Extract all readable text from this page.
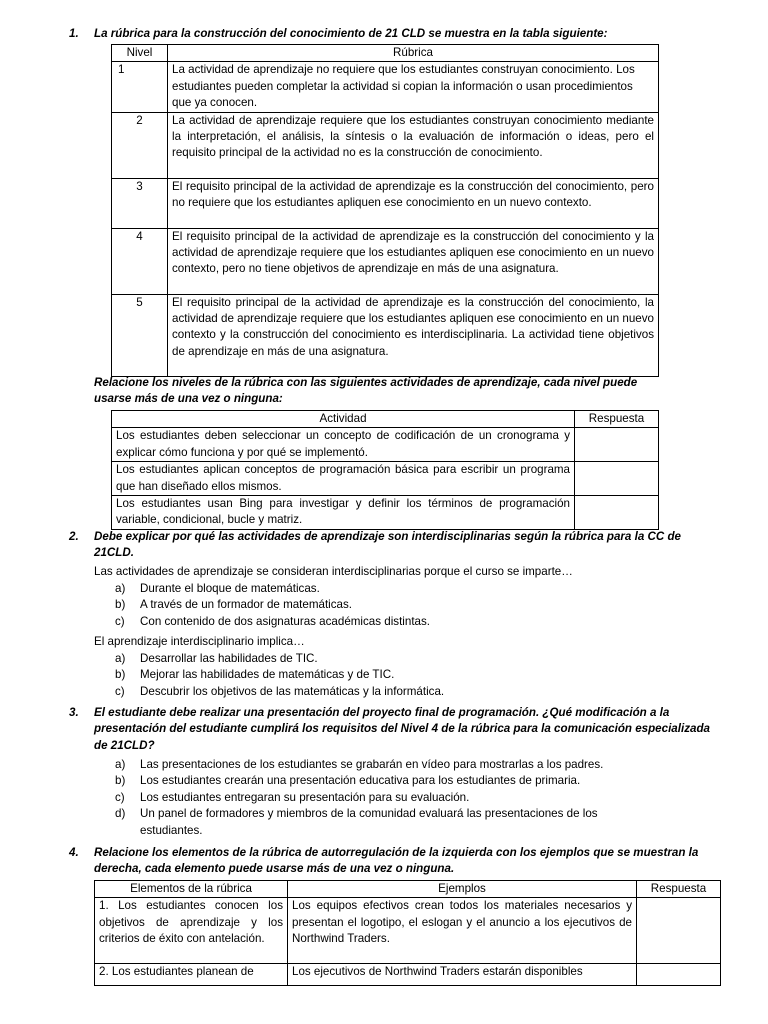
1. La rúbrica para la construcción del conocimiento de 21 CLD se muestra en la tabla siguiente:
Nivel	Rúbrica
1	La actividad de aprendizaje no requiere que los estudiantes construyan conocimiento. Los estudiantes pueden completar la actividad si copian la información o usan procedimientos que ya conocen.
2	La actividad de aprendizaje requiere que los estudiantes construyan conocimiento mediante la interpretación, el análisis, la síntesis o la evaluación de información o ideas, pero el requisito principal de la actividad no es la construcción de conocimiento.
3	El requisito principal de la actividad de aprendizaje es la construcción del conocimiento, pero no requiere que los estudiantes apliquen ese conocimiento en un nuevo contexto.
4	El requisito principal de la actividad de aprendizaje es la construcción del conocimiento y la actividad de aprendizaje requiere que los estudiantes apliquen ese conocimiento en un nuevo contexto, pero no tiene objetivos de aprendizaje en más de una asignatura.
5	El requisito principal de la actividad de aprendizaje es la construcción del conocimiento, la actividad de aprendizaje requiere que los estudiantes apliquen ese conocimiento en un nuevo contexto y la construcción del conocimiento es interdisciplinaria. La actividad tiene objetivos de aprendizaje en más de una asignatura.
Relacione los niveles de la rúbrica con las siguientes actividades de aprendizaje, cada nivel puede usarse más de una vez o ninguna:
Actividad	Respuesta
Los estudiantes deben seleccionar un concepto de codificación de un cronograma y explicar cómo funciona y por qué se implementó.	
Los estudiantes aplican conceptos de programación básica para escribir un programa que han diseñado ellos mismos.	
Los estudiantes usan Bing para investigar y definir los términos de programación variable, condicional, bucle y matriz.	
2. Debe explicar por qué las actividades de aprendizaje son interdisciplinarias según la rúbrica para la CC de 21CLD.
Las actividades de aprendizaje se consideran interdisciplinarias porque el curso se imparte…
a) Durante el bloque de matemáticas.
b) A través de un formador de matemáticas.
c) Con contenido de dos asignaturas académicas distintas.
El aprendizaje interdisciplinario implica…
a) Desarrollar las habilidades de TIC.
b) Mejorar las habilidades de matemáticas y de TIC.
c) Descubrir los objetivos de las matemáticas y la informática.
3. El estudiante debe realizar una presentación del proyecto final de programación. ¿Qué modificación a la presentación del estudiante cumplirá los requisitos del Nivel 4 de la rúbrica para la comunicación especializada de 21CLD?
a) Las presentaciones de los estudiantes se grabarán en vídeo para mostrarlas a los padres.
b) Los estudiantes crearán una presentación educativa para los estudiantes de primaria.
c) Los estudiantes entregaran su presentación para su evaluación.
d) Un panel de formadores y miembros de la comunidad evaluará las presentaciones de los estudiantes.
4. Relacione los elementos de la rúbrica de autorregulación de la izquierda con los ejemplos que se muestran la derecha, cada elemento puede usarse más de una vez o ninguna.
Elementos de la rúbrica	Ejemplos	Respuesta
1. Los estudiantes conocen los objetivos de aprendizaje y los criterios de éxito con antelación.	Los equipos efectivos crean todos los materiales necesarios y presentan el logotipo, el eslogan y el anuncio a los ejecutivos de Northwind Traders.	

2. Los estudiantes planean de	Los ejecutivos de Northwind Traders estarán disponibles	
